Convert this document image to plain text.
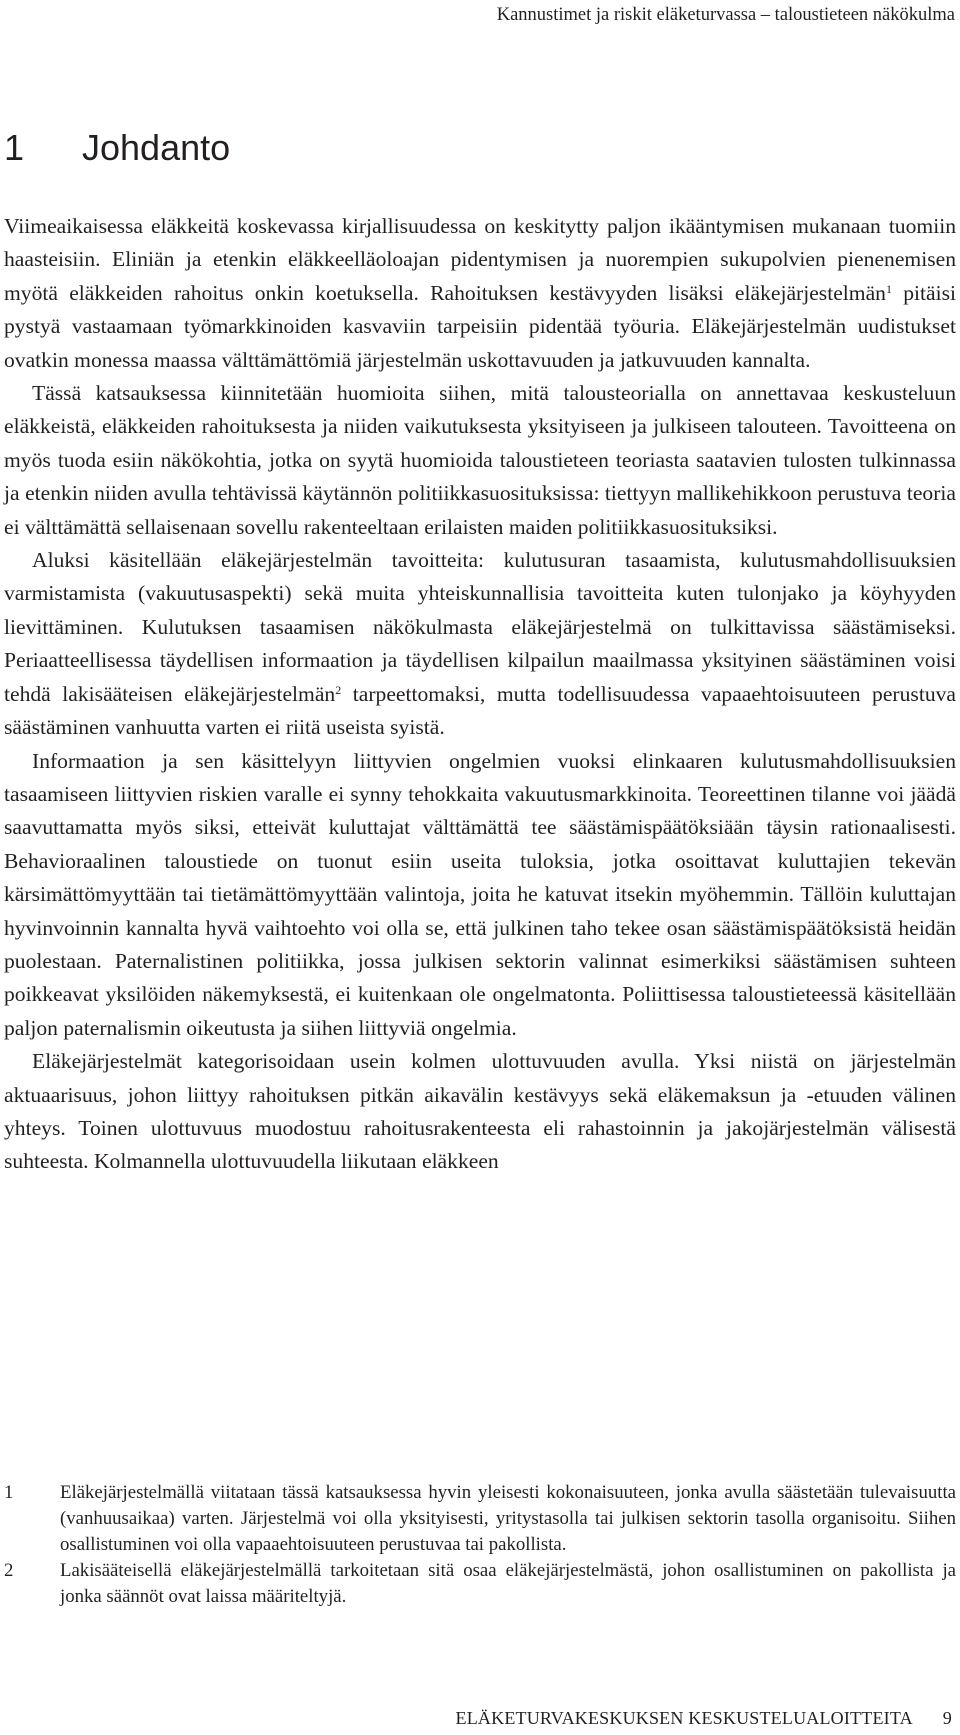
Kannustimet ja riskit eläketurvassa – taloustieteen näkökulma
1 Johdanto

Viimeaikaisessa eläkkeitä koskevassa kirjallisuudessa on keskitytty paljon ikääntymisen mukanaan tuomiin haasteisiin. Eliniän ja etenkin eläkkeelläoloajan pidentymisen ja nuorempien sukupolvien pienenemisen myötä eläkkeiden rahoitus onkin koetuksella. Rahoituksen kestävyyden lisäksi eläkejärjestelmän$^1$ pitäisi pystyä vastaamaan työmarkkinoiden kasvaviin tarpeisiin pidentää työuria. Eläkejärjestelmän uudistukset ovatkin monessa maassa välttämättömiä järjestelmän uskottavuuden ja jatkuvuuden kannalta.

Tässä katsauksessa kiinnitetään huomioita siihen, mitä talousteorialla on annettavaa keskusteluun eläkkeistä, eläkkeiden rahoituksesta ja niiden vaikutuksesta yksityiseen ja julkiseen talouteen. Tavoitteena on myös tuoda esiin näkökohtia, jotka on syytä huomioida taloustieteen teoriasta saatavien tulosten tulkinnassa ja etenkin niiden avulla tehtävissä käytännön politiikkasuosituksissa: tiettyyn mallikehikkoon perustuva teoria ei välttämättä sellaisenaan sovellu rakenteeltaan erilaisten maiden politiikkasuosituksiksi.

Aluksi käsitellään eläkejärjestelmän tavoitteita: kulutusuran tasaamista, kulutusmahdollisuuksien varmistamista (vakuutusaspekti) sekä muita yhteiskunnallisia tavoitteita kuten tulonjako ja köyhyyden lievittäminen. Kulutuksen tasaamisen näkökulmasta eläkejärjestelmä on tulkittavissa säästämiseksi. Periaatteellisessa täydellisen informaation ja täydellisen kilpailun maailmassa yksityinen säästäminen voisi tehdä lakisääteisen eläkejärjestelmän$^2$ tarpeettomaksi, mutta todellisuudessa vapaaehtoisuuteen perustuva säästäminen vanhuutta varten ei riitä useista syistä.

Informaation ja sen käsittelyyn liittyvien ongelmien vuoksi elinkaaren kulutusmahdollisuuksien tasaamiseen liittyvien riskien varalle ei synny tehokkaita vakuutusmarkkinoita. Teoreettinen tilanne voi jäädä saavuttamatta myös siksi, etteivät kuluttajat välttämättä tee säästämispäätöksiään täysin rationaalisesti. Behavioraalinen taloustiede on tuonut esiin useita tuloksia, jotka osoittavat kuluttajien tekevän kärsimättömyyttään tai tietämättömyyttään valintoja, joita he katuvat itsekin myöhemmin. Tällöin kuluttajan hyvinvoinnin kannalta hyvä vaihtoehto voi olla se, että julkinen taho tekee osan säästämispäätöksistä heidän puolestaan. Paternalistinen politiikka, jossa julkisen sektorin valinnat esimerkiksi säästämisen suhteen poikkeavat yksilöiden näkemyksestä, ei kuitenkaan ole ongelmatonta. Poliittisessa taloustieteessä käsitellään paljon paternalismin oikeutusta ja siihen liittyviä ongelmia.

Eläkejärjestelmät kategorisoidaan usein kolmen ulottuvuuden avulla. Yksi niistä on järjestelmän aktuaarisuus, johon liittyy rahoituksen pitkän aikavälin kestävyys sekä eläkemaksun ja -etuuden välinen yhteys. Toinen ulottuvuus muodostuu rahoitusrakenteesta eli rahastoinnin ja jakojärjestelmän välisestä suhteesta. Kolmannella ulottuvuudella liikutaan eläkkeen

1 Eläkejärjestelmällä viitataan tässä katsauksessa hyvin yleisesti kokonaisuuteen, jonka avulla säästetään tulevaisuutta (vanhuusaikaa) varten. Järjestelmä voi olla yksityisesti, yritystasolla tai julkisen sektorin tasolla organisoitu. Siihen osallistuminen voi olla vapaaehtoisuuteen perustuvaa tai pakollista.
2 Lakisääteisellä eläkejärjestelmällä tarkoitetaan sitä osaa eläkejärjestelmästä, johon osallistuminen on pakollista ja jonka säännöt ovat laissa määriteltyjä.
ELÄKETURVAKESKUKSEN KESKUSTELUALOITTEITA 9
